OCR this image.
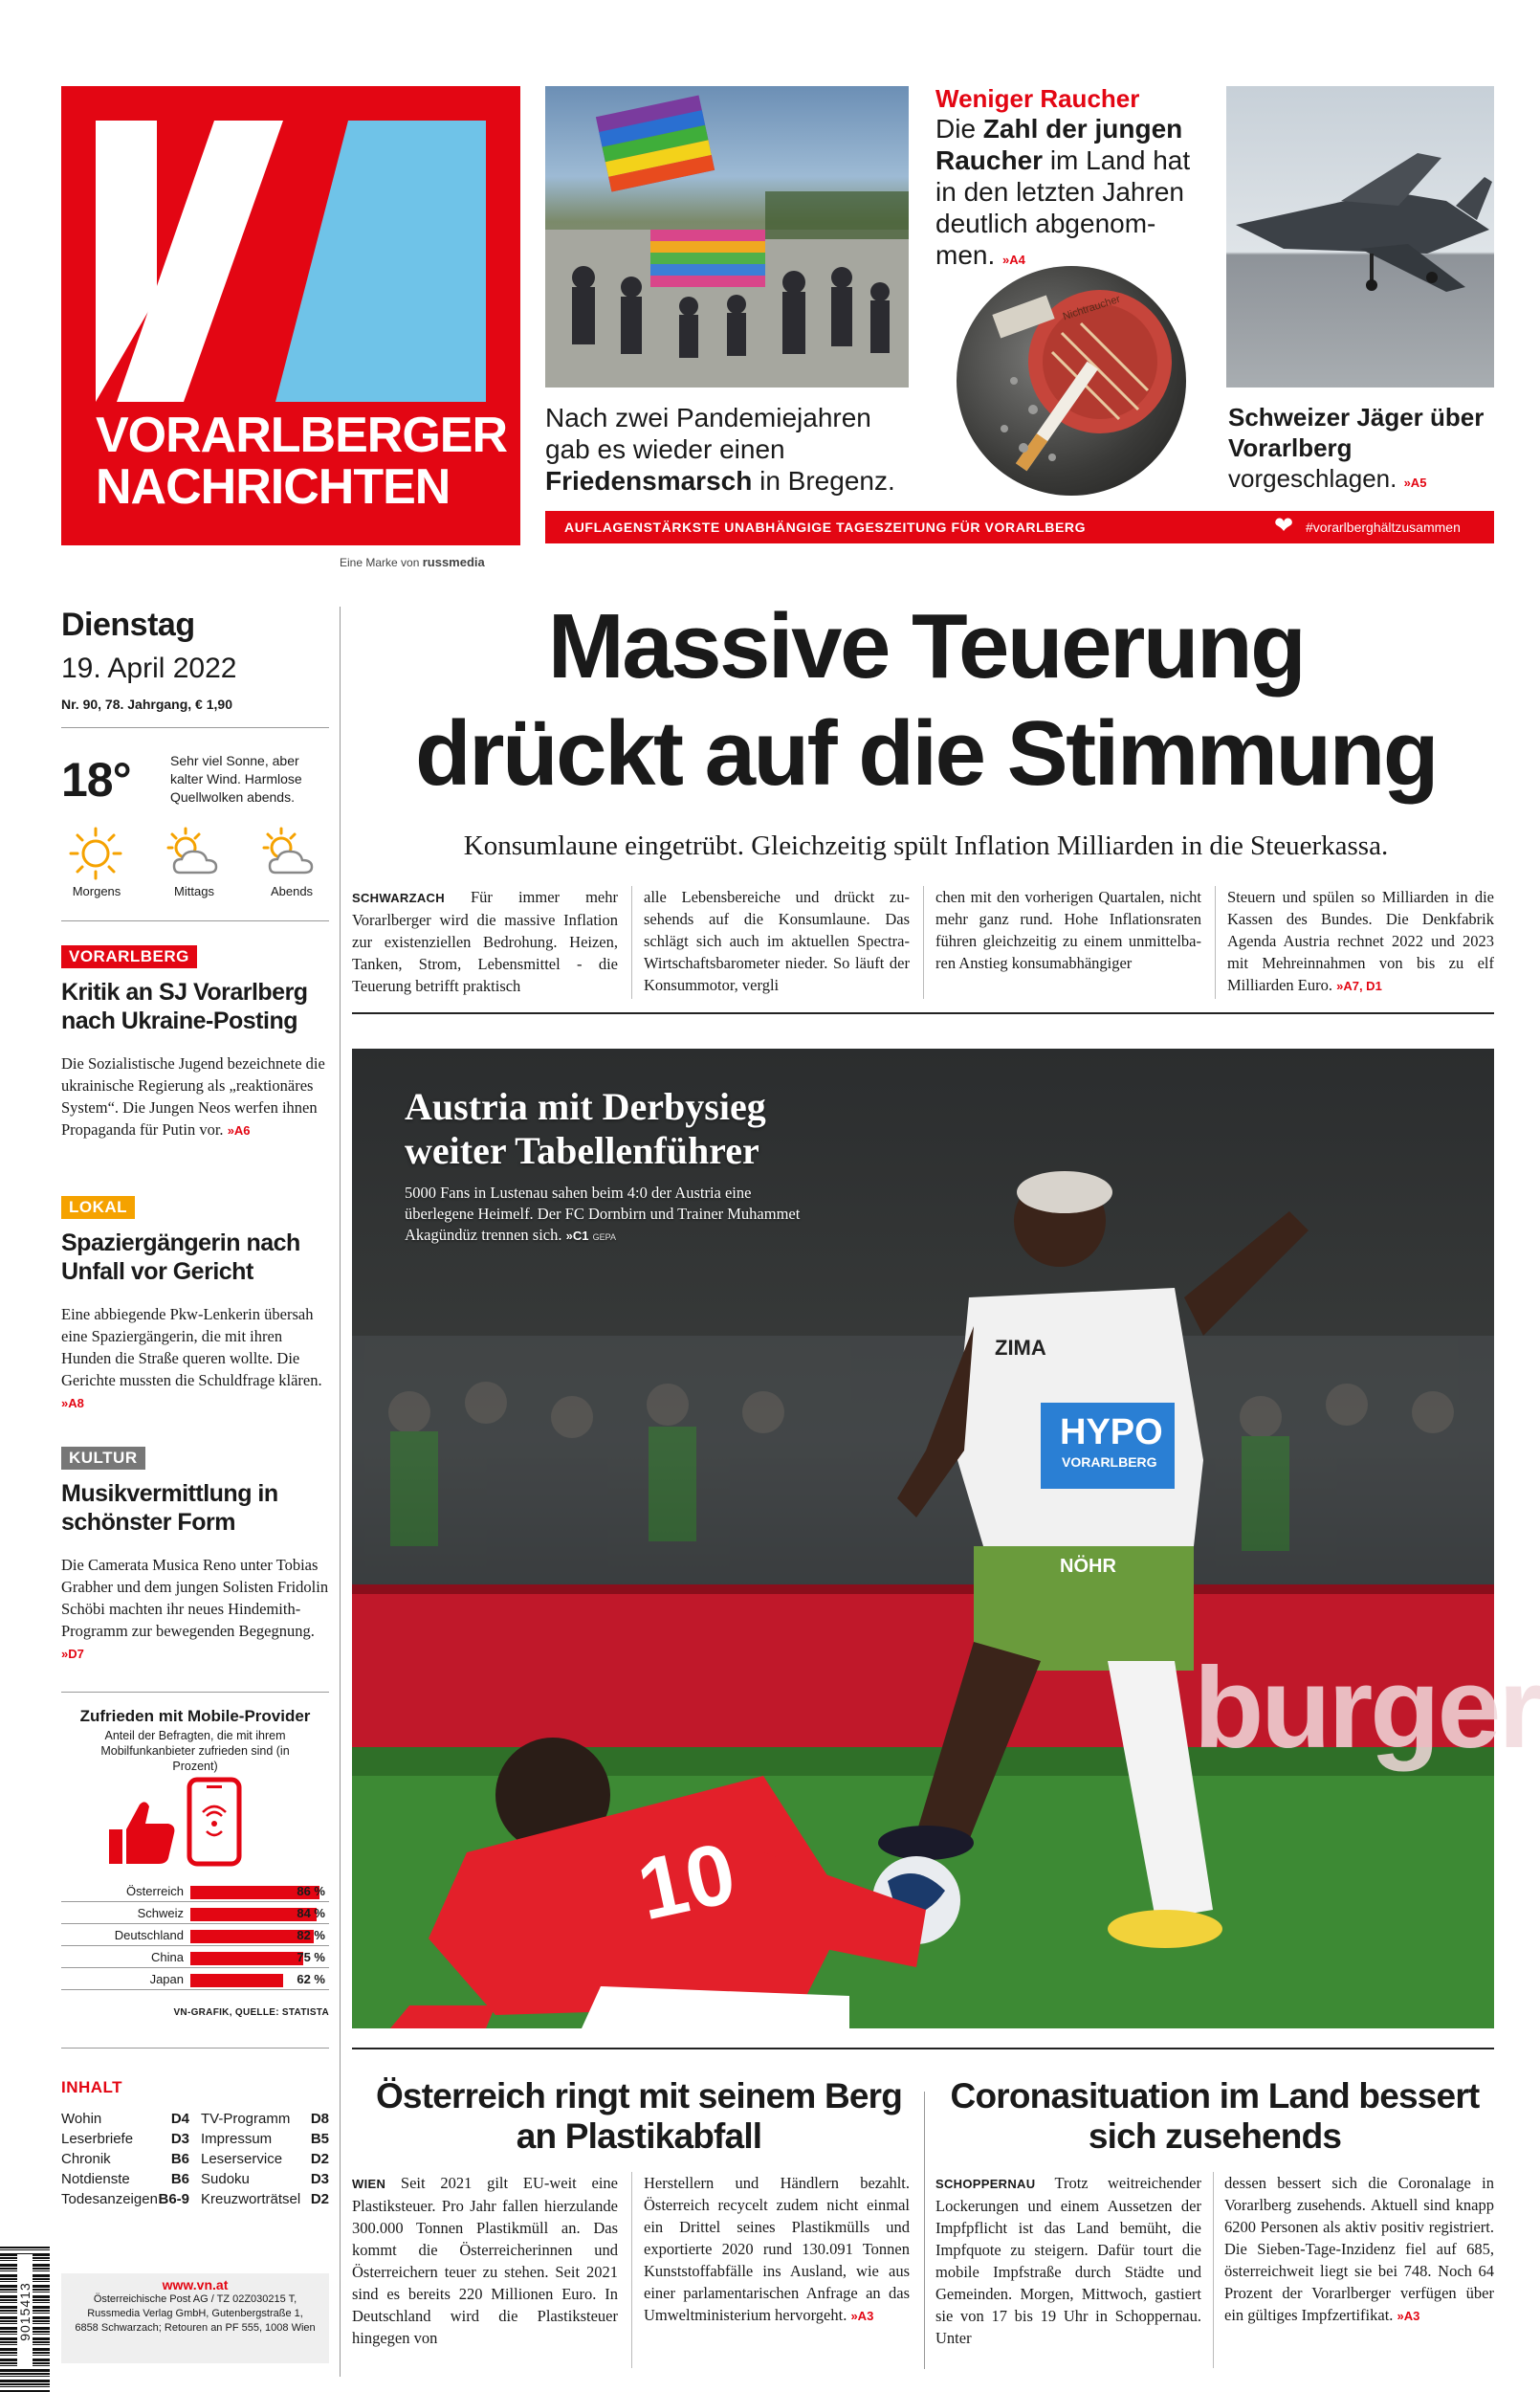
VORARLBERGER
NACHRICHTEN
Eine Marke von russmedia

Nach zwei Pandemiejahren gab es wieder einen Friedensmarsch in Bregenz.

Weniger Raucher

Die Zahl der jungen Raucher im Land hat in den letzten Jahren deutlich abgenommen. »A4

Nichtraucher

Schweizer Jäger über Vorarlberg vorgeschlagen. »A5

AUFLAGENSTÄRKSTE UNABHÄNGIGE TAGESZEITUNG FÜR VORARLBERG	❤ #vorarlberghältzusammen
Dienstag
19. April 2022
Nr. 90, 78. Jahrgang, € 1,90
18°	Sehr viel Sonne, aber kalter Wind. Harmlose Quellwolken abends.
Morgens	Mittags	Abends
VORARLBERG
Kritik an SJ Vorarlberg nach Ukraine-Posting

Die Sozialistische Jugend bezeichnete die ukrainische Regierung als „reaktionäres System“. Die Jungen Neos werfen ihnen Propaganda für Putin vor. »A6

LOKAL
Spaziergängerin nach Unfall vor Gericht

Eine abbiegende Pkw-Lenkerin übersah eine Spaziergängerin, die mit ihren Hunden die Straße queren wollte. Die Gerichte mussten die Schuldfrage klären. »A8

KULTUR
Musikvermittlung in schönster Form

Die Camerata Musica Reno unter Tobias Grabher und dem jungen Solisten Fridolin Schöbi machten ihr neues Hindemith-Programm zur bewegenden Begegnung. »D7

Zufrieden mit Mobile-Provider
Anteil der Befragten, die mit ihrem Mobilfunkanbieter zufrieden sind (in Prozent)
Österreich	86 %
Schweiz	84 %
Deutschland	82 %
China	75 %
Japan	62 %
VN-GRAFIK, QUELLE: STATISTA
INHALT
Wohin	D4
Leserbriefe	D3
Chronik	B6
Notdienste	B6
Todesanzeigen B6-9
TV-Programm D8
Impressum	B5
Leserservice D2
Sudoku	D3
Kreuzworträtsel D2
9015413	www.vn.at
Österreichische Post AG / TZ 02Z030215 T,
Russmedia Verlag GmbH, Gutenbergstraße 1,
6858 Schwarzach; Retouren an PF 555, 1008 Wien
Massive Teuerung
drückt auf die Stimmung
Konsumlaune eingetrübt. Gleichzeitig spült Inflation Milliarden in die Steuerkassa.

SCHWARZACH Für immer mehr Vorarlberger wird die massive Inflation zur existenziellen Bedrohung. Heizen, Tanken, Strom, Lebensmittel - die Teuerung betrifft praktisch

alle Lebensbereiche und drückt zusehends auf die Konsumlaune. Das schlägt sich auch im aktuellen Spectra-Wirtschaftsbarometer nieder. So läuft der Konsummotor, vergli

chen mit den vorherigen Quartalen, nicht mehr ganz rund. Hohe Inflationsraten führen gleichzeitig zu einem unmittelbaren Anstieg konsumabhängiger

Steuern und spülen so Milliarden in die Kassen des Bundes. Die Denkfabrik Agenda Austria rechnet 2022 und 2023 mit Mehreinnahmen von bis zu elf Milliarden Euro. »A7, D1

burger
ZIMA
HYPO
VORARLBERG
NÖHR
10
Austria mit Derbysieg weiter Tabellenführer

5000 Fans in Lustenau sahen beim 4:0 der Austria eine überlegene Heimelf. Der FC Dornbirn und Trainer Muhammet Akagündüz trennen sich. »C1 GEPA

Österreich ringt mit seinem Berg an Plastikabfall

WIEN Seit 2021 gilt EU-weit eine Plastiksteuer. Pro Jahr fallen hierzulande 300.000 Tonnen Plastikmüll an. Das kommt die Österreicherinnen und Österreichern teuer zu stehen. Seit 2021 sind es bereits 220 Millionen Euro. In Deutschland wird die Plastiksteuer hingegen von

Herstellern und Händlern bezahlt. Österreich recycelt zudem nicht einmal ein Drittel seines Plastikmülls und exportierte 2020 rund 130.091 Tonnen Kunststoffabfälle ins Ausland, wie aus einer parlamentarischen Anfrage an das Umweltministerium hervorgeht. »A3

Coronasituation im Land bessert sich zusehends

SCHOPPERNAU Trotz weitreichender Lockerungen und einem Aussetzen der Impfpflicht ist das Land bemüht, die Impfquote zu steigern. Dafür tourt die mobile Impfstraße durch Städte und Gemeinden. Morgen, Mittwoch, gastiert sie von 17 bis 19 Uhr in Schoppernau. Unter

dessen bessert sich die Coronalage in Vorarlberg zusehends. Aktuell sind knapp 6200 Personen als aktiv positiv registriert. Die Sieben-Tage-Inzidenz fiel auf 685, österreichweit liegt sie bei 748. Noch 64 Prozent der Vorarlberger verfügen über ein gültiges Impfzertifikat. »A3
